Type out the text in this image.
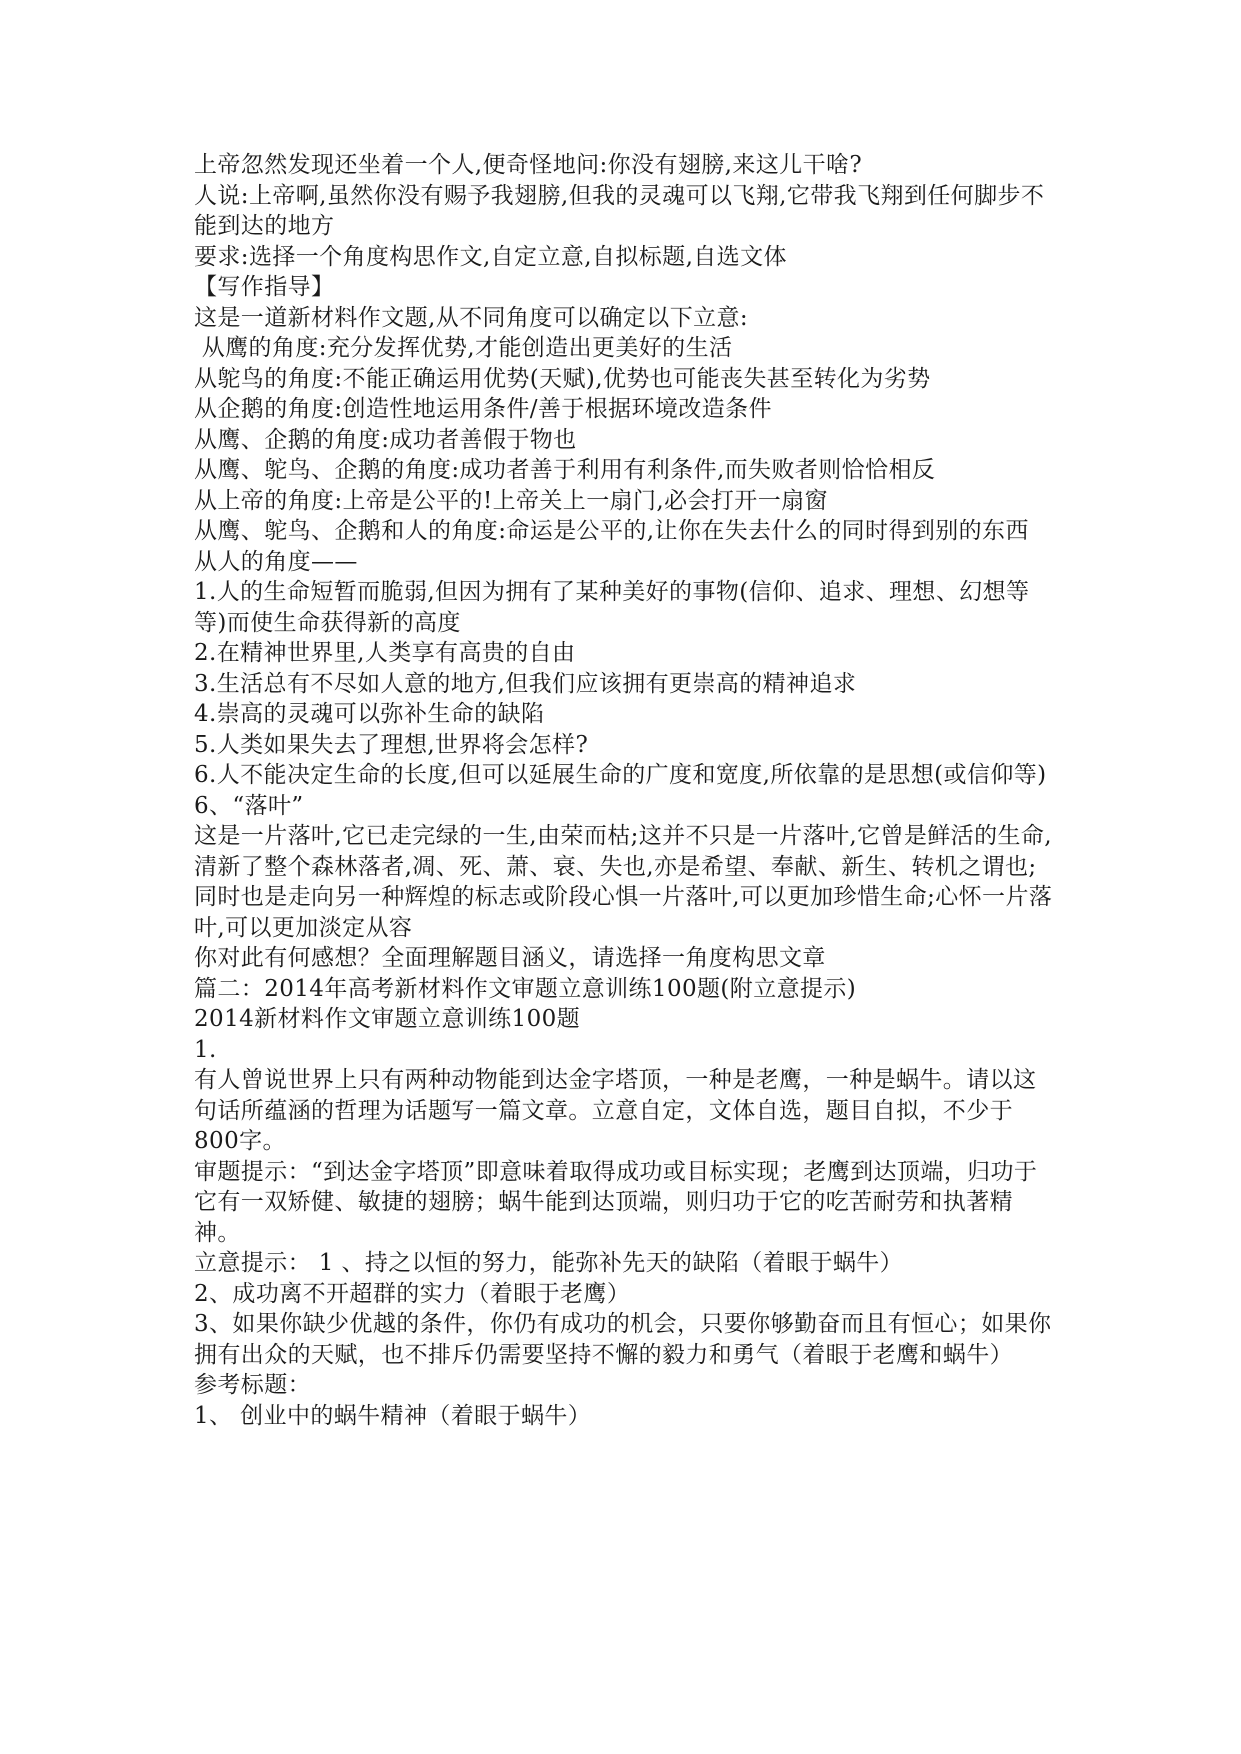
上帝忽然发现还坐着一个人,便奇怪地问:你没有翅膀,来这儿干啥?

人说:上帝啊,虽然你没有赐予我翅膀,但我的灵魂可以飞翔,它带我飞翔到任何脚步不能到达的地方

要求:选择一个角度构思作文,自定立意,自拟标题,自选文体

【写作指导】

这是一道新材料作文题,从不同角度可以确定以下立意:

从鹰的角度:充分发挥优势,才能创造出更美好的生活

从鸵鸟的角度:不能正确运用优势(天赋),优势也可能丧失甚至转化为劣势

从企鹅的角度:创造性地运用条件/善于根据环境改造条件

从鹰、企鹅的角度:成功者善假于物也

从鹰、鸵鸟、企鹅的角度:成功者善于利用有利条件,而失败者则恰恰相反

从上帝的角度:上帝是公平的!上帝关上一扇门,必会打开一扇窗

从鹰、鸵鸟、企鹅和人的角度:命运是公平的,让你在失去什么的同时得到别的东西  从人的角度——

1.人的生命短暂而脆弱,但因为拥有了某种美好的事物(信仰、追求、理想、幻想等等)而使生命获得新的高度

2.在精神世界里,人类享有高贵的自由

3.生活总有不尽如人意的地方,但我们应该拥有更崇高的精神追求

4.崇高的灵魂可以弥补生命的缺陷

5.人类如果失去了理想,世界将会怎样?

6.人不能决定生命的长度,但可以延展生命的广度和宽度,所依靠的是思想(或信仰等)

6、“落叶”

这是一片落叶,它已走完绿的一生,由荣而枯;这并不只是一片落叶,它曾是鲜活的生命,清新了整个森林落者,凋、死、萧、衰、失也,亦是希望、奉献、新生、转机之谓也;同时也是走向另一种辉煌的标志或阶段心惧一片落叶,可以更加珍惜生命;心怀一片落叶,可以更加淡定从容

你对此有何感想？全面理解题目涵义，请选择一角度构思文章

篇二：2014年高考新材料作文审题立意训练100题(附立意提示)

2014新材料作文审题立意训练100题

1.

有人曾说世界上只有两种动物能到达金字塔顶，一种是老鹰，一种是蜗牛。请以这句话所蕴涵的哲理为话题写一篇文章。立意自定，文体自选，题目自拟，不少于800字。

审题提示：“到达金字塔顶”即意味着取得成功或目标实现；老鹰到达顶端，归功于它有一双矫健、敏捷的翅膀；蜗牛能到达顶端，则归功于它的吃苦耐劳和执著精神。

立意提示： 1 、持之以恒的努力，能弥补先天的缺陷（着眼于蜗牛）

2、成功离不开超群的实力（着眼于老鹰）

3、如果你缺少优越的条件，你仍有成功的机会，只要你够勤奋而且有恒心；如果你拥有出众的天赋，也不排斥仍需要坚持不懈的毅力和勇气（着眼于老鹰和蜗牛）

参考标题：

1、 创业中的蜗牛精神（着眼于蜗牛）
